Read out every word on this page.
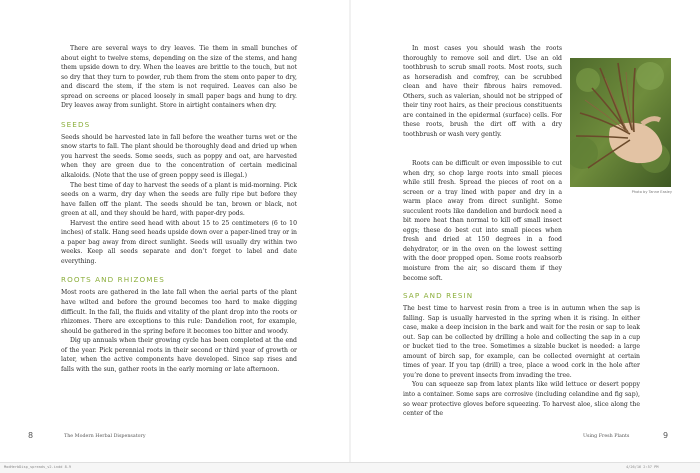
There are several ways to dry leaves. Tie them in small bunches of about eight to twelve stems, depending on the size of the stems, and hang them upside down to dry. When the leaves are brittle to the touch, but not so dry that they turn to powder, rub them from the stem onto paper to dry, and discard the stem, if the stem is not required. Leaves can also be spread on screens or placed loosely in small paper bags and hung to dry. Dry leaves away from sunlight. Store in airtight containers when dry.

SEEDS

Seeds should be harvested late in fall before the weather turns wet or the snow starts to fall. The plant should be thoroughly dead and dried up when you harvest the seeds. Some seeds, such as poppy and oat, are harvested when they are green due to the concentration of certain medicinal alkaloids. (Note that the use of green poppy seed is illegal.)

The best time of day to harvest the seeds of a plant is mid-morning. Pick seeds on a warm, dry day when the seeds are fully ripe but before they have fallen off the plant. The seeds should be tan, brown or black, not green at all, and they should be hard, with paper-dry pods.

Harvest the entire seed head with about 15 to 25 centimeters (6 to 10 inches) of stalk. Hang seed heads upside down over a paper-lined tray or in a paper bag away from direct sunlight. Seeds will usually dry within two weeks. Keep all seeds separate and don’t forget to label and date everything.

ROOTS AND RHIZOMES

Most roots are gathered in the late fall when the aerial parts of the plant have wilted and before the ground becomes too hard to make digging difficult. In the fall, the fluids and vitality of the plant drop into the roots or rhizomes. There are exceptions to this rule: Dandelion root, for example, should be gathered in the spring before it becomes too bitter and woody.

Dig up annuals when their growing cycle has been completed at the end of the year. Pick perennial roots in their second or third year of growth or later, when the active components have developed. Since sap rises and falls with the sun, gather roots in the early morning or late afternoon.

8	The Modern Herbal Dispensatory

In most cases you should wash the roots thoroughly to remove soil and dirt. Use an old toothbrush to scrub small roots. Most roots, such as horseradish and comfrey, can be scrubbed clean and have their fibrous hairs removed. Others, such as valerian, should not be stripped of their tiny root hairs, as their precious constituents are contained in the epidermal (surface) cells. For these roots, brush the dirt off with a dry toothbrush or wash very gently.

Roots can be difficult or even impossible to cut when dry, so chop large roots into small pieces while still fresh. Spread the pieces of root on a screen or a tray lined with paper and dry in a warm place away from direct sunlight. Some succulent roots like dandelion and burdock need a bit more heat than normal to kill off small insect eggs; these do best cut into small pieces when fresh and dried at 150 degrees in a food dehydrator, or in the oven on the lowest setting with the door propped open. Some roots reabsorb moisture from the air, so discard them if they become soft.

SAP AND RESIN

The best time to harvest resin from a tree is in autumn when the sap is falling. Sap is usually harvested in the spring when it is rising. In either case, make a deep incision in the bark and wait for the resin or sap to leak out. Sap can be collected by drilling a hole and collecting the sap in a cup or bucket tied to the tree. Sometimes a sizable bucket is needed: a large amount of birch sap, for example, can be collected overnight at certain times of year. If you tap (drill) a tree, place a wood cork in the hole after you’re done to prevent insects from invading the tree.

You can squeeze sap from latex plants like wild lettuce or desert poppy into a container. Some saps are corrosive (including celandine and fig sap), so wear protective gloves before squeezing. To harvest aloe, slice along the center of the

Photo by Tanne Easley
9
Using Fresh Plants
ModHerbDisp_spreads_v2.indd 8-9	4/26/16 2:57 PM
